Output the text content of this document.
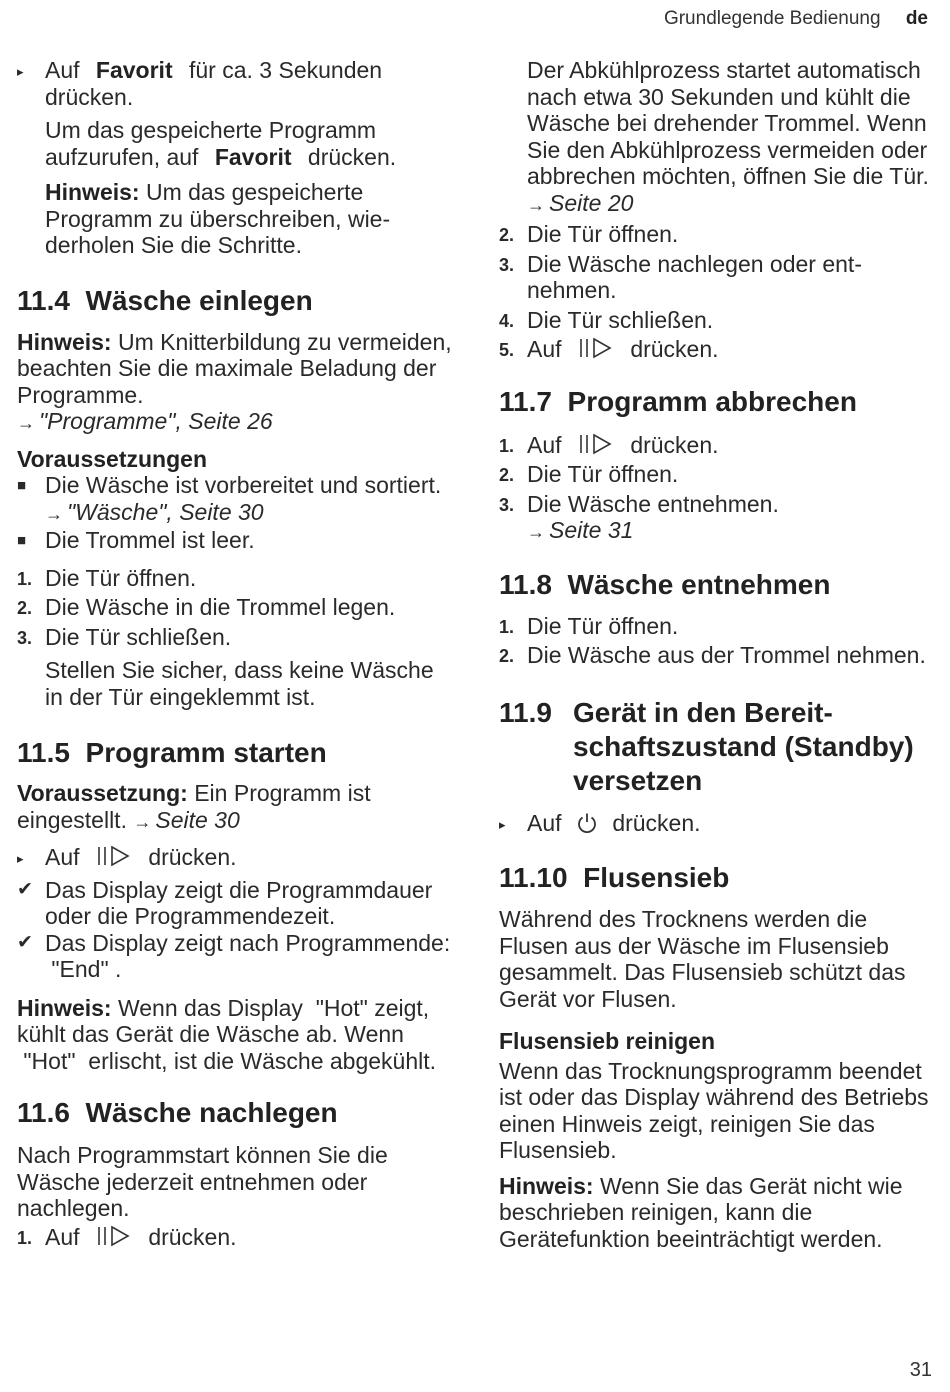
Grundlegende Bedienung de
▸ Auf Favorit für ca. 3 Sekunden drücken.

Um das gespeicherte Programm aufzurufen, auf Favorit drücken.

Hinweis: Um das gespeicherte Programm zu überschreiben, wiederholen Sie die Schritte.

11.4 Wäsche einlegen

Hinweis: Um Knitterbildung zu vermeiden, beachten Sie die maximale Beladung der Programme.
→ "Programme", Seite 26

Voraussetzungen

■ Die Wäsche ist vorbereitet und sortiert.
→ "Wäsche", Seite 30
■ Die Trommel ist leer.
1. Die Tür öffnen.
2. Die Wäsche in die Trommel legen.
3. Die Tür schließen.

Stellen Sie sicher, dass keine Wäsche in der Tür eingeklemmt ist.

11.5 Programm starten

Voraussetzung: Ein Programm ist eingestellt. → Seite 30

▸ Auf	drücken.
✔ Das Display zeigt die Programmdauer oder die Programmendezeit.
✔ Das Display zeigt nach Programmende:  "End" .

Hinweis: Wenn das Display  "Hot" zeigt, kühlt das Gerät die Wäsche ab. Wenn  "Hot"  erlischt, ist die Wäsche abgekühlt.

11.6 Wäsche nachlegen

Nach Programmstart können Sie die Wäsche jederzeit entnehmen oder nachlegen.

1. Auf	drücken.

Der Abkühlprozess startet automatisch nach etwa 30 Sekunden und kühlt die Wäsche bei drehender Trommel. Wenn Sie den Abkühlprozess vermeiden oder abbrechen möchten, öffnen Sie die Tür.
→ Seite 20

2. Die Tür öffnen.
3. Die Wäsche nachlegen oder entnehmen.
4. Die Tür schließen.
5. Auf	drücken.
11.7 Programm abbrechen
1. Auf	drücken.
2. Die Tür öffnen.
3. Die Wäsche entnehmen.
→ Seite 31
11.8 Wäsche entnehmen
1. Die Tür öffnen.
2. Die Wäsche aus der Trommel nehmen.
11.9 Gerät in den Bereitschaftszustand (Standby) versetzen
▸ Auf drücken.
11.10 Flusensieb

Während des Trocknens werden die Flusen aus der Wäsche im Flusensieb gesammelt. Das Flusensieb schützt das Gerät vor Flusen.

Flusensieb reinigen

Wenn das Trocknungsprogramm beendet ist oder das Display während des Betriebs einen Hinweis zeigt, reinigen Sie das Flusensieb.

Hinweis: Wenn Sie das Gerät nicht wie beschrieben reinigen, kann die Gerätefunktion beeinträchtigt werden.

31
